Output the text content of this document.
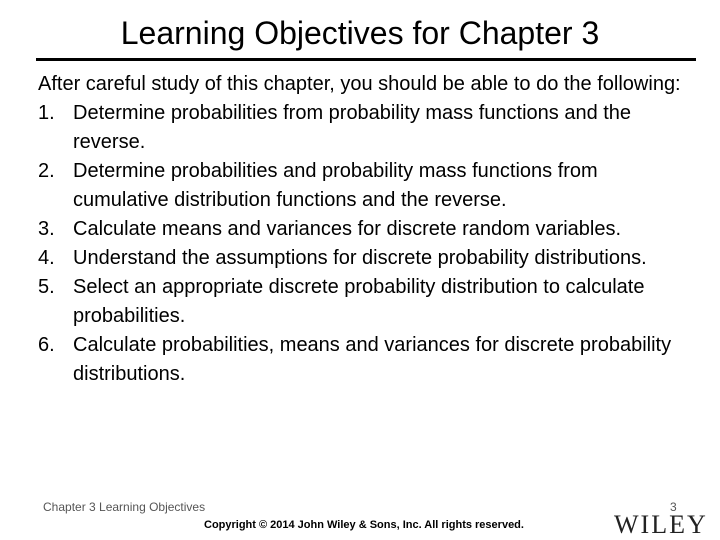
Learning Objectives for Chapter 3

After careful study of this chapter, you should be able to do the following:

1. Determine probabilities from probability mass functions and the reverse.
2. Determine probabilities and probability mass functions from cumulative distribution functions and the reverse.
3. Calculate means and variances for discrete random variables.
4. Understand the assumptions for discrete probability distributions.
5. Select an appropriate discrete probability distribution to calculate probabilities.
6. Calculate probabilities, means and variances for discrete probability distributions.
Chapter 3 Learning Objectives	3
Copyright © 2014 John Wiley & Sons, Inc. All rights reserved.	WILEY
